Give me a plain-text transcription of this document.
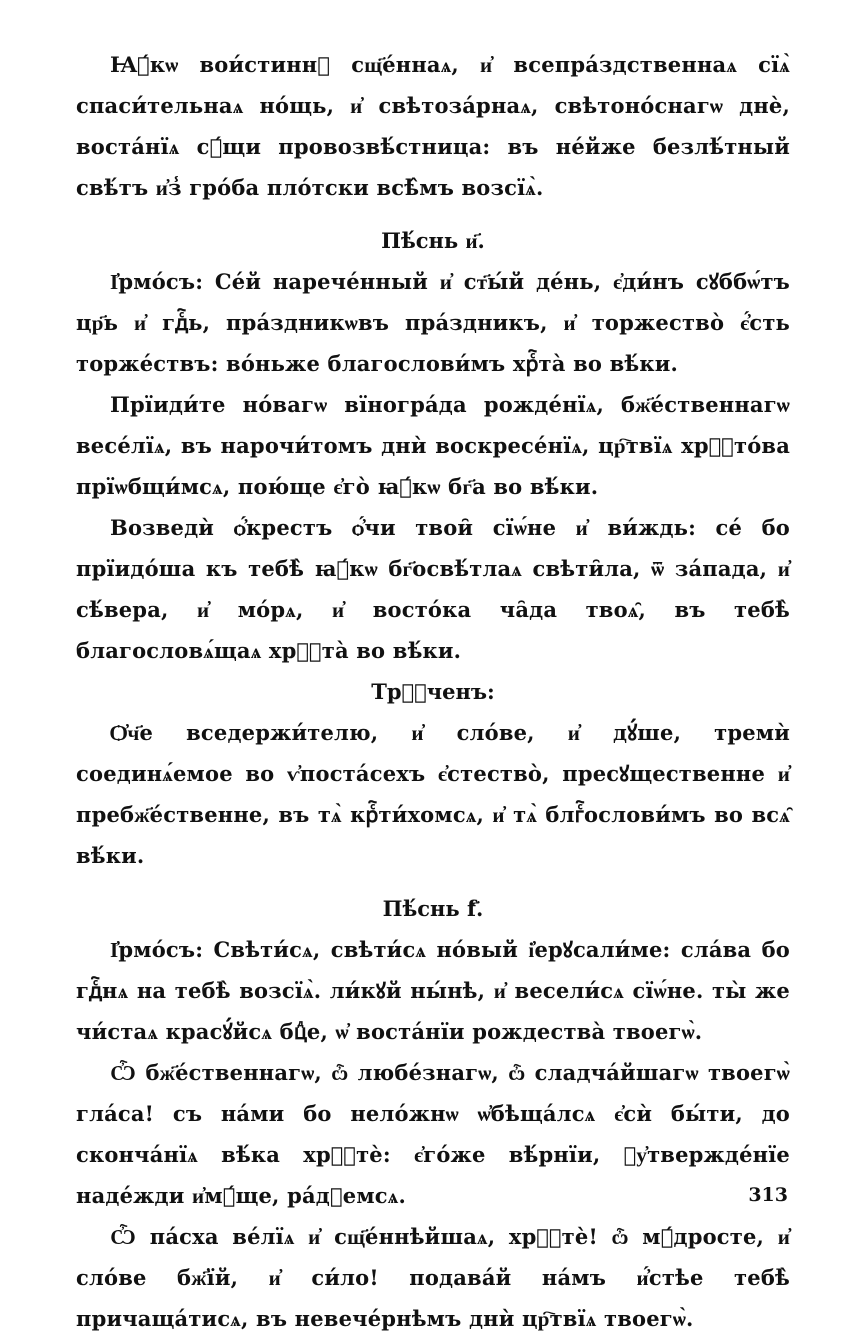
Ꙗ҆́кѡ вои́стиннꙋ сщ҃е́ннаѧ, и҆ всепра́здственнаѧ сїѧ̀ спаси́тельнаѧ но́щь, и҆ свѣтоза́рнаѧ, свѣтоно́снагѡ днѐ, воста́нїѧ сꙋ́щи провозвѣ́стница: въ не́йже безлѣ́тный свѣ́тъ и҆з̾ гро́ба пло́тски всѣ̂мъ возсїѧ̀.

Пѣ́снь и҃.

І҆рмо́съ: Се́й нарече́нный и҆ ст҃ы́й де́нь, є҆ди́нъ сꙋббѡ́тъ цр҃ь и҆ гдⷭ҇ь, пра́здникѡвъ пра́здникъ, и҆ торжество̀ є҆́сть торже́ствъ: во́ньже благослови́мъ хрⷭ҇та̀ во вѣ́ки.

Прїиди́те но́вагѡ вїногра́да рожде́нїѧ, бж҃е́ственнагѡ весе́лїѧ, въ нарочи́томъ днѝ воскресе́нїѧ, цр҇твїѧ хрⷭ҇то́ва прїѡбщи́мсѧ, пою́ще є҆го̀ ꙗ҆́кѡ бг҃а во вѣ́ки.

Возведѝ ѻ҆́крестъ ѻ҆́чи твои̑ сїѡ́не и҆ ви́ждь: се́ бо прїидо́ша къ тебѣ̀ ꙗ҆́кѡ бг҃освѣ́тлаѧ свѣти̑ла, ѿ за́пада, и҆ сѣ́вера, и҆ мо́рѧ, и҆ восто́ка ча̑да твоѧ̑, въ тебѣ̀ благословѧ́щаѧ хрⷭ҇та̀ во вѣ́ки.

Трⷪ҇ченъ:

Ѻ҆ч҃е вседержи́телю, и҆ сло́ве, и҆ дꙋ́ше, тремѝ соединѧ́емое во ѵ҆поста́сехъ є҆стество̀, пресꙋщественне и҆ пребж҃е́ственне, въ тѧ̀ крⷭ҇ти́хомсѧ, и҆ тѧ̀ блгⷭ҇ослови́мъ во всѧ̑ вѣ́ки.

Пѣ́снь f҃.

І҆рмо́съ: Свѣти́сѧ, свѣти́сѧ но́вый і҆ерꙋсали́ме: сла́ва бо гдⷭ҇нѧ на тебѣ̀ возсїѧ̀. ли́кꙋй ны́нѣ, и҆ весели́сѧ сїѡ́не. ты̀ же чи́стаѧ красꙋ́йсѧ бцⷣе, ѡ҆ воста́нїи рождества̀ твоегѡ̀.

Ѽ бж҃е́ственнагѡ, ѽ любе́знагѡ, ѽ сладча́йшагѡ твоегѡ̀ гла́са! съ на́ми бо нело́жнѡ ѡ҆бѣща́лсѧ є҆сѝ бы́ти, до сконча́нїѧ вѣ́ка хрⷭ҇тѐ: є҆го́же вѣ́рнїи, ᲂу҆твержде́нїе наде́жди и҆мꙋ́ще, ра́дꙋемсѧ.

Ѽ па́сха ве́лїѧ и҆ сщ҃е́ннѣйшаѧ, хрⷭ҇тѐ! ѽ мꙋ́дросте, и҆ сло́ве бж҃їй, и҆ си́ло! подава́й на́мъ и҆́стѣе тебѣ̀ причаща́тисѧ, въ невече́рнѣмъ днѝ цр҇твїѧ твоегѡ̀.

313
